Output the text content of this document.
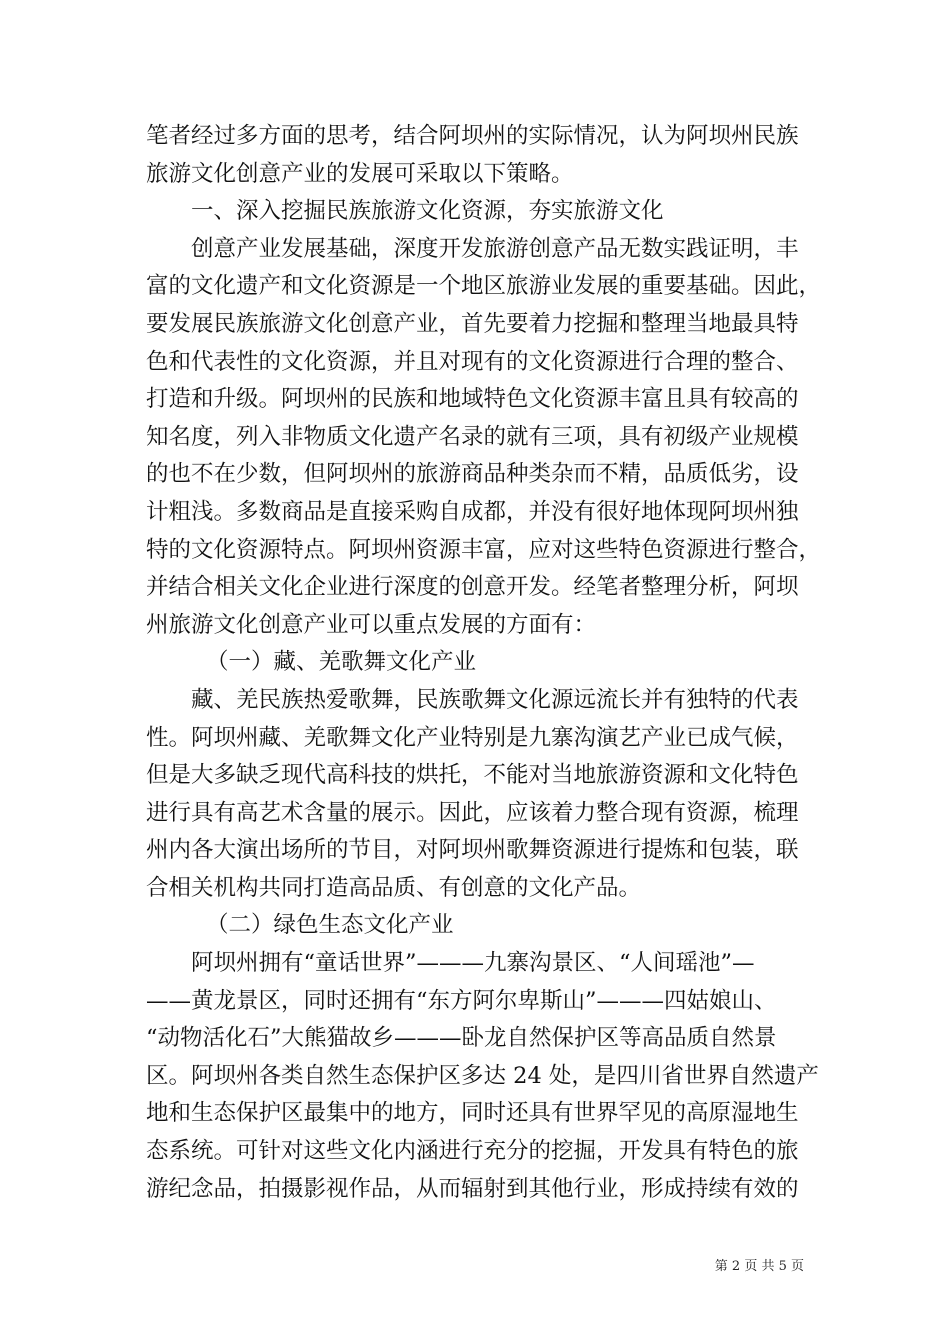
笔者经过多方面的思考，结合阿坝州的实际情况，认为阿坝州民族
旅游文化创意产业的发展可采取以下策略。
一、深入挖掘民族旅游文化资源，夯实旅游文化
创意产业发展基础，深度开发旅游创意产品无数实践证明，丰
富的文化遗产和文化资源是一个地区旅游业发展的重要基础。因此，
要发展民族旅游文化创意产业，首先要着力挖掘和整理当地最具特
色和代表性的文化资源，并且对现有的文化资源进行合理的整合、
打造和升级。阿坝州的民族和地域特色文化资源丰富且具有较高的
知名度，列入非物质文化遗产名录的就有三项，具有初级产业规模
的也不在少数，但阿坝州的旅游商品种类杂而不精，品质低劣，设
计粗浅。多数商品是直接采购自成都，并没有很好地体现阿坝州独
特的文化资源特点。阿坝州资源丰富，应对这些特色资源进行整合，
并结合相关文化企业进行深度的创意开发。经笔者整理分析，阿坝
州旅游文化创意产业可以重点发展的方面有：
（一）藏、羌歌舞文化产业
藏、羌民族热爱歌舞，民族歌舞文化源远流长并有独特的代表
性。阿坝州藏、羌歌舞文化产业特别是九寨沟演艺产业已成气候，
但是大多缺乏现代高科技的烘托，不能对当地旅游资源和文化特色
进行具有高艺术含量的展示。因此，应该着力整合现有资源，梳理
州内各大演出场所的节目，对阿坝州歌舞资源进行提炼和包装，联
合相关机构共同打造高品质、有创意的文化产品。
（二）绿色生态文化产业
阿坝州拥有“童话世界”———九寨沟景区、“人间瑶池”—
——黄龙景区，同时还拥有“东方阿尔卑斯山”———四姑娘山、
“动物活化石”大熊猫故乡———卧龙自然保护区等高品质自然景
区。阿坝州各类自然生态保护区多达 24 处，是四川省世界自然遗产
地和生态保护区最集中的地方，同时还具有世界罕见的高原湿地生
态系统。可针对这些文化内涵进行充分的挖掘，开发具有特色的旅
游纪念品，拍摄影视作品，从而辐射到其他行业，形成持续有效的
第 2 页 共 5 页
